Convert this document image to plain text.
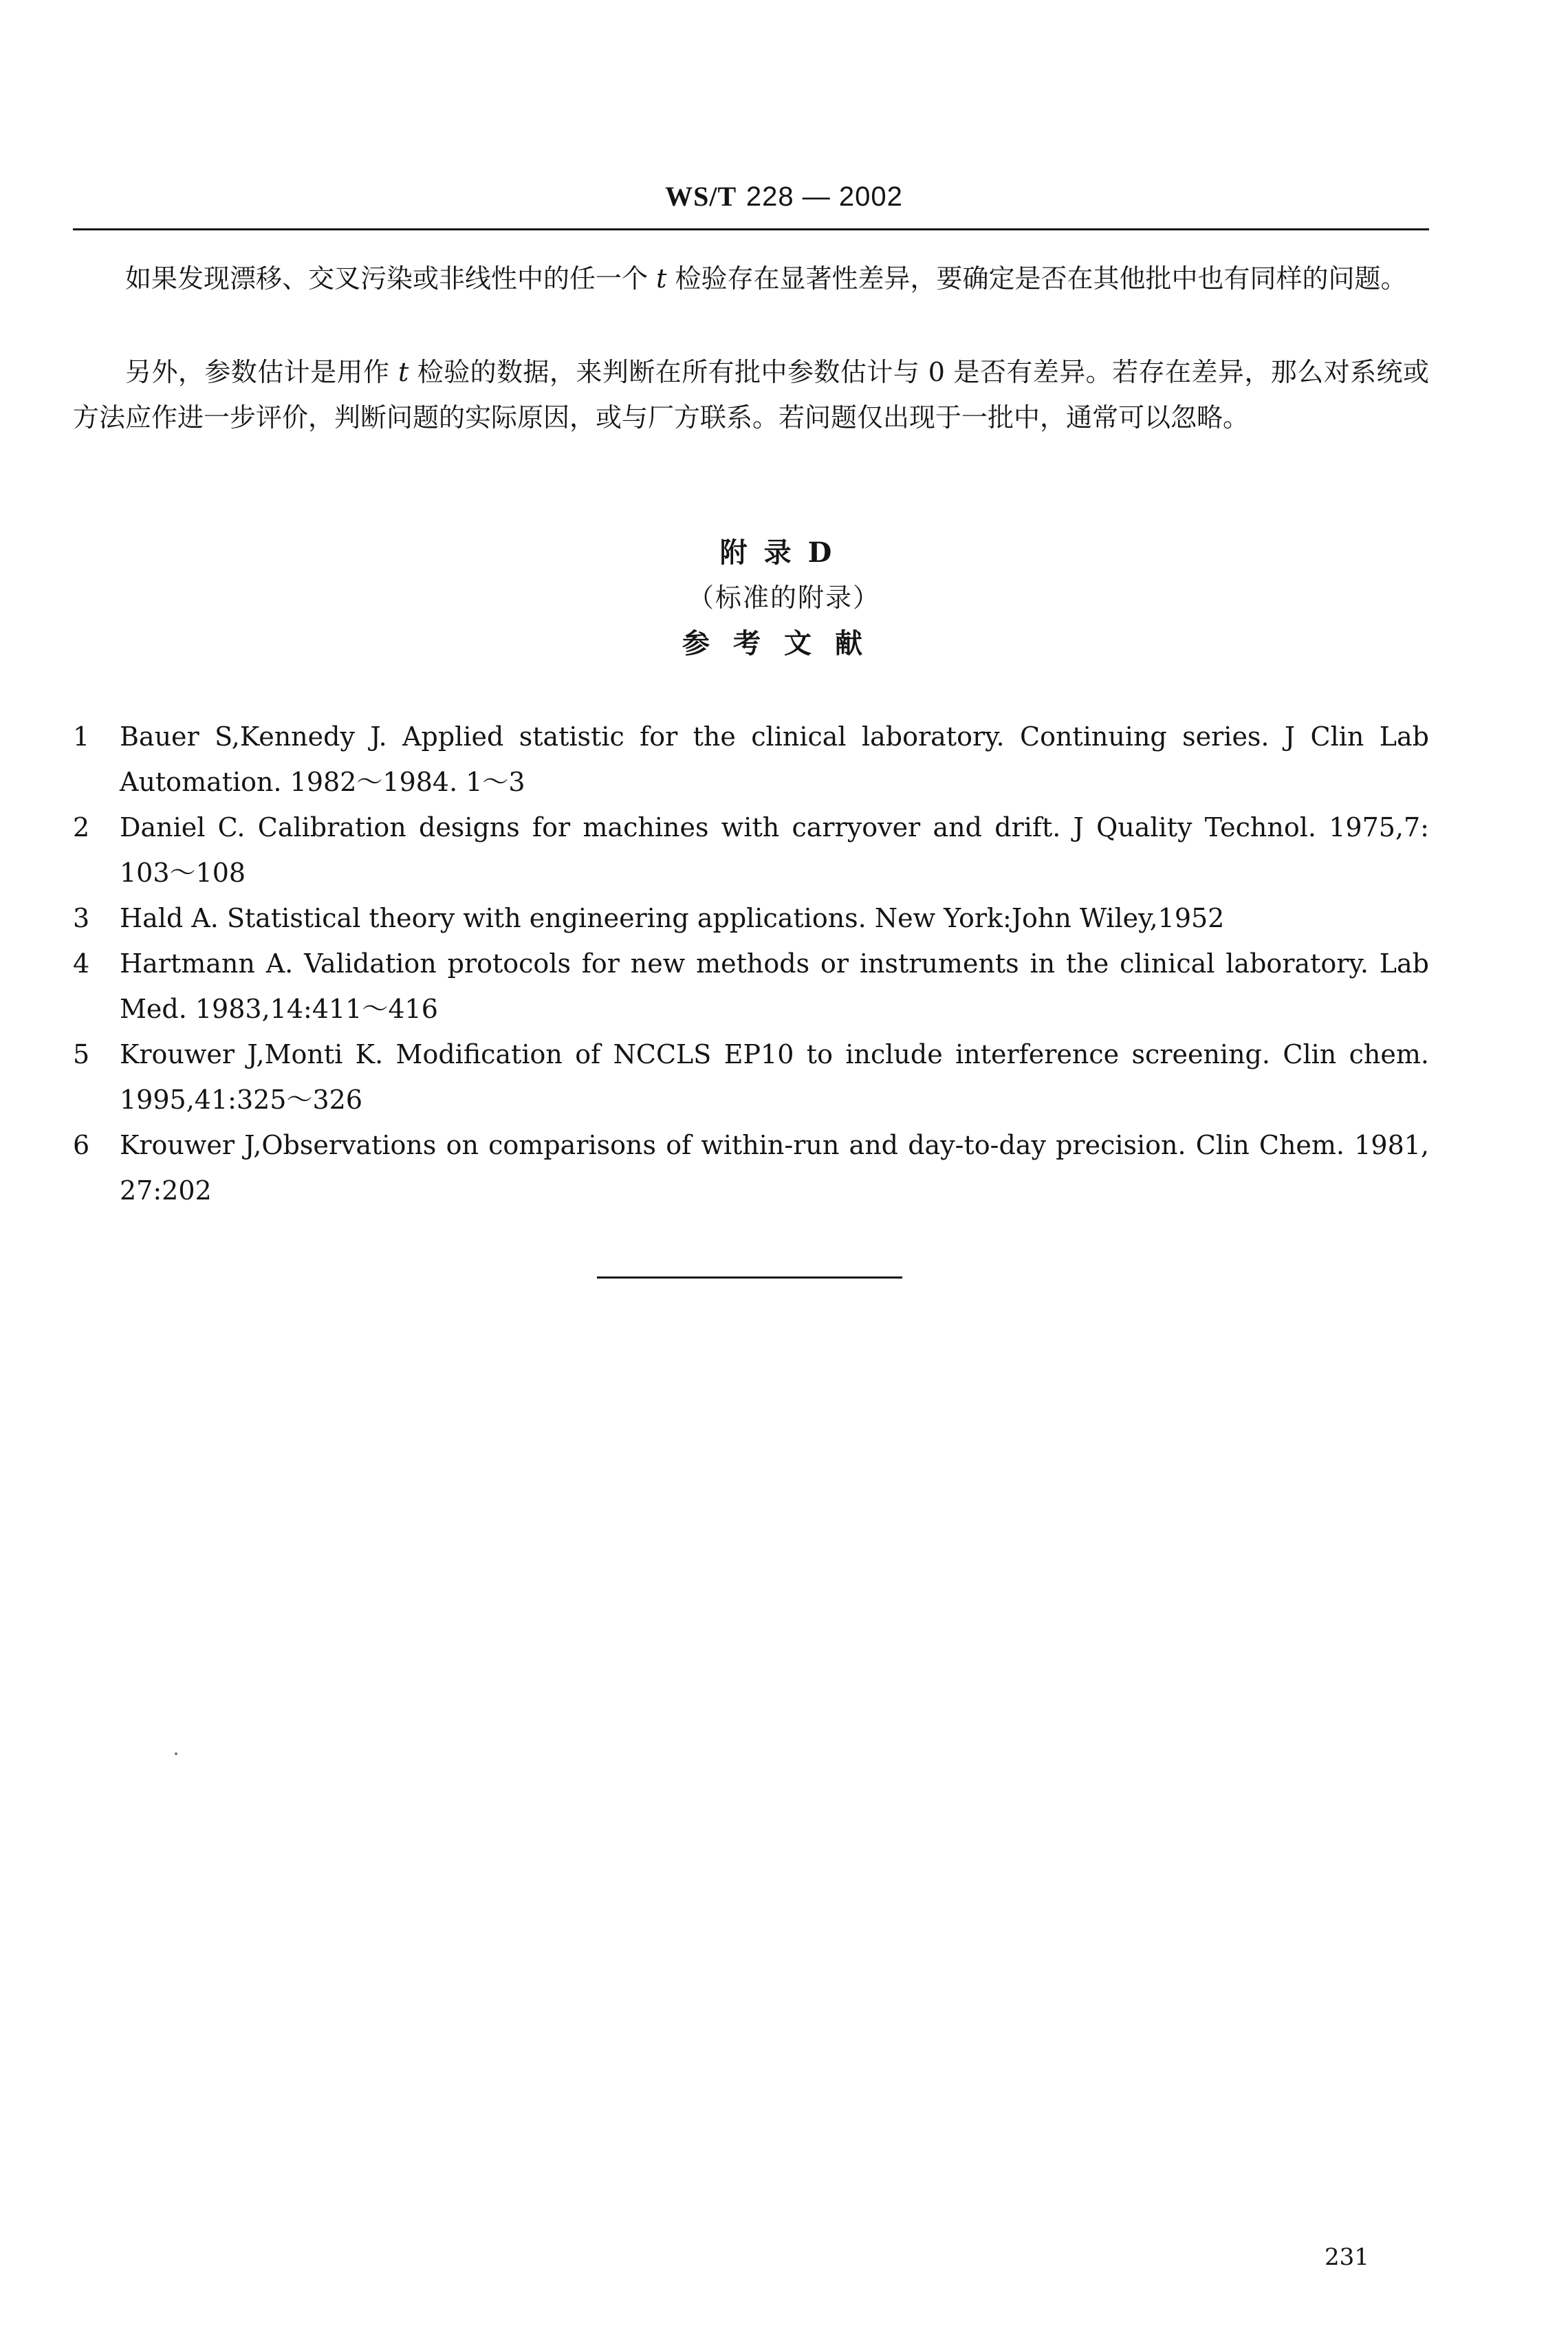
WS/T 228 — 2002

如果发现漂移、交叉污染或非线性中的任一个 t 检验存在显著性差异，要确定是否在其他批中也有同样的问题。

另外，参数估计是用作 t 检验的数据，来判断在所有批中参数估计与 0 是否有差异。若存在差异，那么对系统或方法应作进一步评价，判断问题的实际原因，或与厂方联系。若问题仅出现于一批中，通常可以忽略。

附录D
（标准的附录）
参考文献
1	Bauer S,Kennedy J. Applied statistic for the clinical laboratory. Continuing series. J Clin Lab Automation. 1982～1984. 1～3
2	Daniel C. Calibration designs for machines with carryover and drift. J Quality Technol. 1975,7: 103～108
3	Hald A. Statistical theory with engineering applications. New York:John Wiley,1952
4	Hartmann A. Validation protocols for new methods or instruments in the clinical laboratory. Lab Med. 1983,14:411～416
5	Krouwer J,Monti K. Modification of NCCLS EP10 to include interference screening. Clin chem. 1995,41:325～326
6	Krouwer J,Observations on comparisons of within-run and day-to-day precision. Clin Chem. 1981, 27:202
231
